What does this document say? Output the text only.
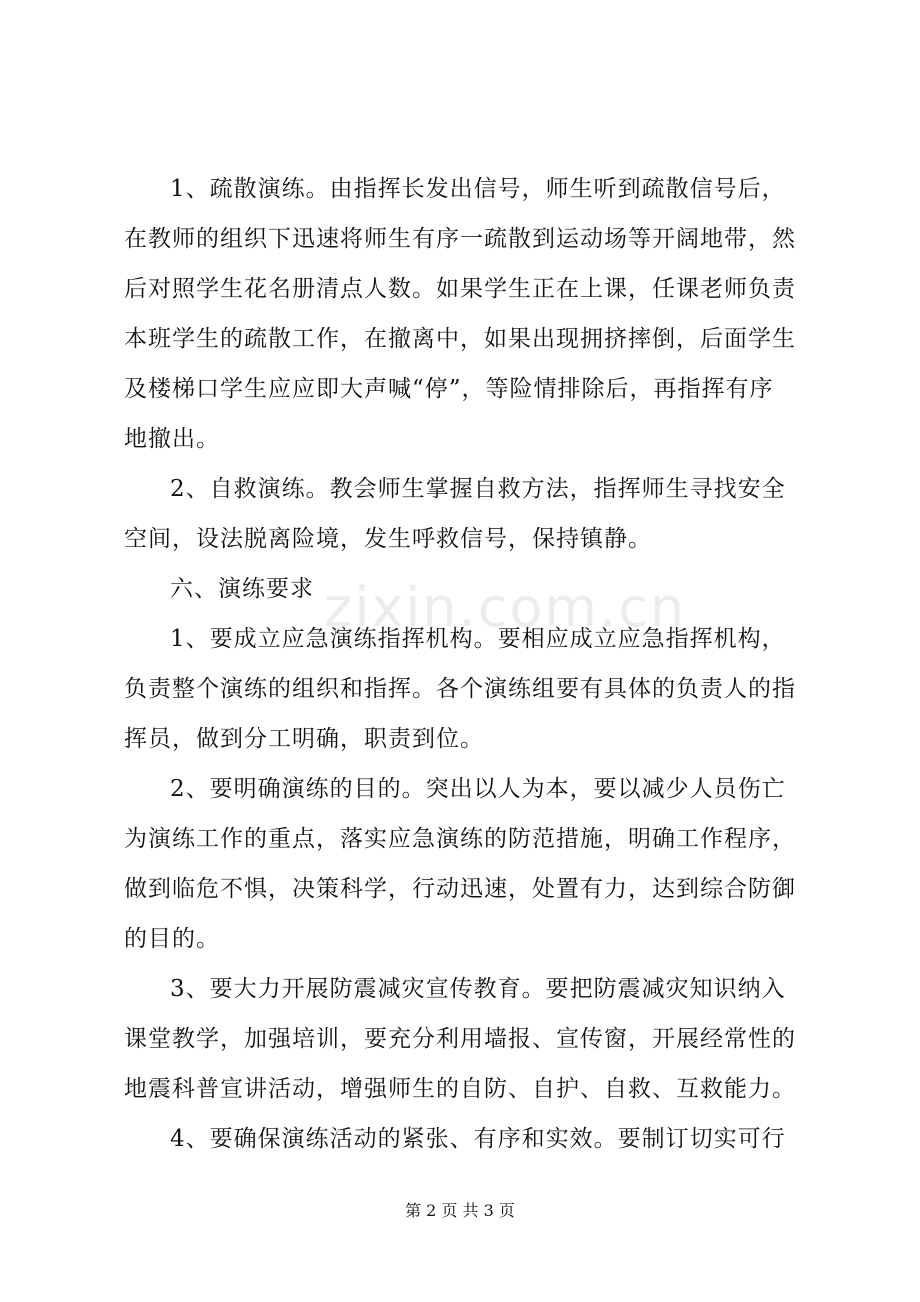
1、疏散演练。由指挥长发出信号，师生听到疏散信号后，
在教师的组织下迅速将师生有序一疏散到运动场等开阔地带，然
后对照学生花名册清点人数。如果学生正在上课，任课老师负责
本班学生的疏散工作，在撤离中，如果出现拥挤摔倒，后面学生
及楼梯口学生应应即大声喊“停”，等险情排除后，再指挥有序
地撤出。
2、自救演练。教会师生掌握自救方法，指挥师生寻找安全
空间，设法脱离险境，发生呼救信号，保持镇静。
六、演练要求
1、要成立应急演练指挥机构。要相应成立应急指挥机构，
负责整个演练的组织和指挥。各个演练组要有具体的负责人的指
挥员，做到分工明确，职责到位。
2、要明确演练的目的。突出以人为本，要以减少人员伤亡
为演练工作的重点，落实应急演练的防范措施，明确工作程序，
做到临危不惧，决策科学，行动迅速，处置有力，达到综合防御
的目的。
3、要大力开展防震减灾宣传教育。要把防震减灾知识纳入
课堂教学，加强培训，要充分利用墙报、宣传窗，开展经常性的
地震科普宣讲活动，增强师生的自防、自护、自救、互救能力。
4、要确保演练活动的紧张、有序和实效。要制订切实可行
zixin.com.cn
第 2 页 共 3 页
